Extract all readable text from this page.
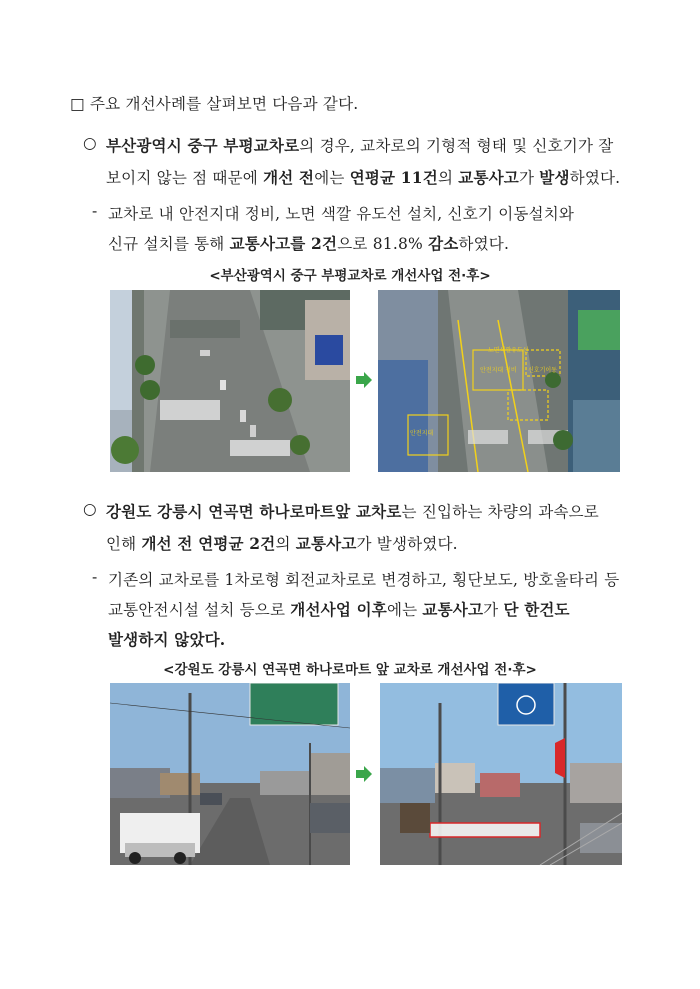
□ 주요 개선사례를 살펴보면 다음과 같다.
○ 부산광역시 중구 부평교차로의 경우, 교차로의 기형적 형태 및 신호기가 잘
보이지 않는 점 때문에 개선 전에는 연평균 11건의 교통사고가 발생하였다.
- 교차로 내 안전지대 정비, 노면 색깔 유도선 설치, 신호기 이동설치와
신규 설치를 통해 교통사고를 2건으로 81.8% 감소하였다.
<부산광역시 중구 부평교차로 개선사업 전·후>
노면색깔유도선
안전지대 정비 신호기이동
안전지대
○ 강원도 강릉시 연곡면 하나로마트앞 교차로는 진입하는 차량의 과속으로
인해 개선 전 연평균 2건의 교통사고가 발생하였다.
- 기존의 교차로를 1차로형 회전교차로로 변경하고, 횡단보도, 방호울타리 등
교통안전시설 설치 등으로 개선사업 이후에는 교통사고가 단 한건도
발생하지 않았다.
<강원도 강릉시 연곡면 하나로마트 앞 교차로 개선사업 전·후>
